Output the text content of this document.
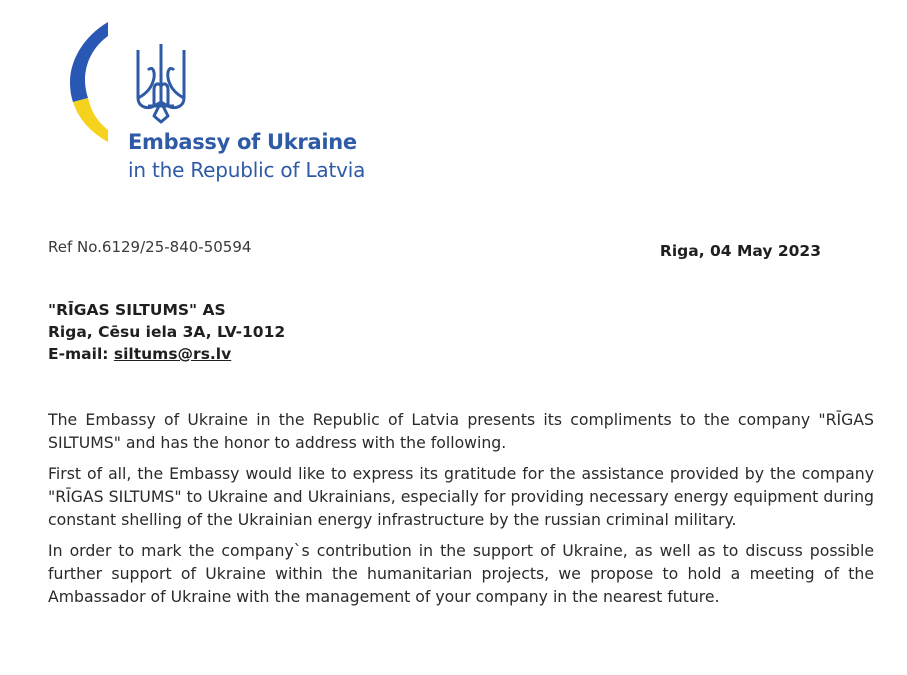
Embassy of Ukraine
in the Republic of Latvia
Ref No.6129/25-840-50594	Riga, 04 May 2023
"RĪGAS SILTUMS" AS
Riga, Cēsu iela 3A, LV-1012
E-mail: siltums@rs.lv

The Embassy of Ukraine in the Republic of Latvia presents its compliments to the company "RĪGAS SILTUMS" and has the honor to address with the following.

First of all, the Embassy would like to express its gratitude for the assistance provided by the company "RĪGAS SILTUMS" to Ukraine and Ukrainians, especially for providing necessary energy equipment during constant shelling of the Ukrainian energy infrastructure by the russian criminal military.

In order to mark the company`s contribution in the support of Ukraine, as well as to discuss possible further support of Ukraine within the humanitarian projects, we propose to hold a meeting of the Ambassador of Ukraine with the management of your company in the nearest future.
